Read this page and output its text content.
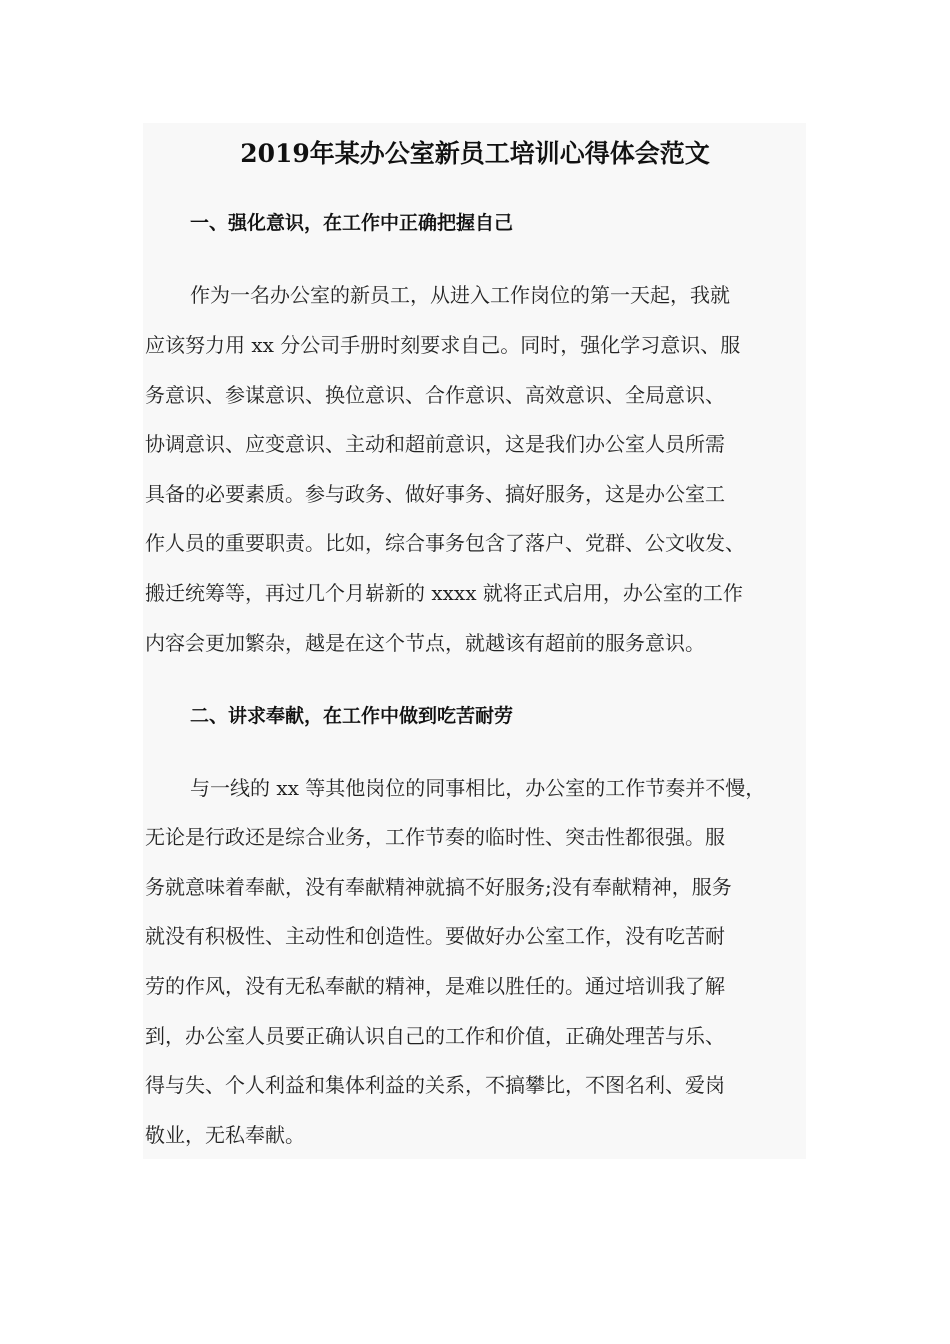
2019年某办公室新员工培训心得体会范文
一、强化意识，在工作中正确把握自己
作为一名办公室的新员工，从进入工作岗位的第一天起，我就
应该努力用 xx 分公司手册时刻要求自己。同时，强化学习意识、服
务意识、参谋意识、换位意识、合作意识、高效意识、全局意识、
协调意识、应变意识、主动和超前意识，这是我们办公室人员所需
具备的必要素质。参与政务、做好事务、搞好服务，这是办公室工
作人员的重要职责。比如，综合事务包含了落户、党群、公文收发、
搬迁统筹等，再过几个月崭新的 xxxx 就将正式启用，办公室的工作
内容会更加繁杂，越是在这个节点，就越该有超前的服务意识。
二、讲求奉献，在工作中做到吃苦耐劳
与一线的 xx 等其他岗位的同事相比，办公室的工作节奏并不慢，
无论是行政还是综合业务，工作节奏的临时性、突击性都很强。服
务就意味着奉献，没有奉献精神就搞不好服务;没有奉献精神，服务
就没有积极性、主动性和创造性。要做好办公室工作，没有吃苦耐
劳的作风，没有无私奉献的精神，是难以胜任的。通过培训我了解
到，办公室人员要正确认识自己的工作和价值，正确处理苦与乐、
得与失、个人利益和集体利益的关系，不搞攀比，不图名利、爱岗
敬业，无私奉献。
